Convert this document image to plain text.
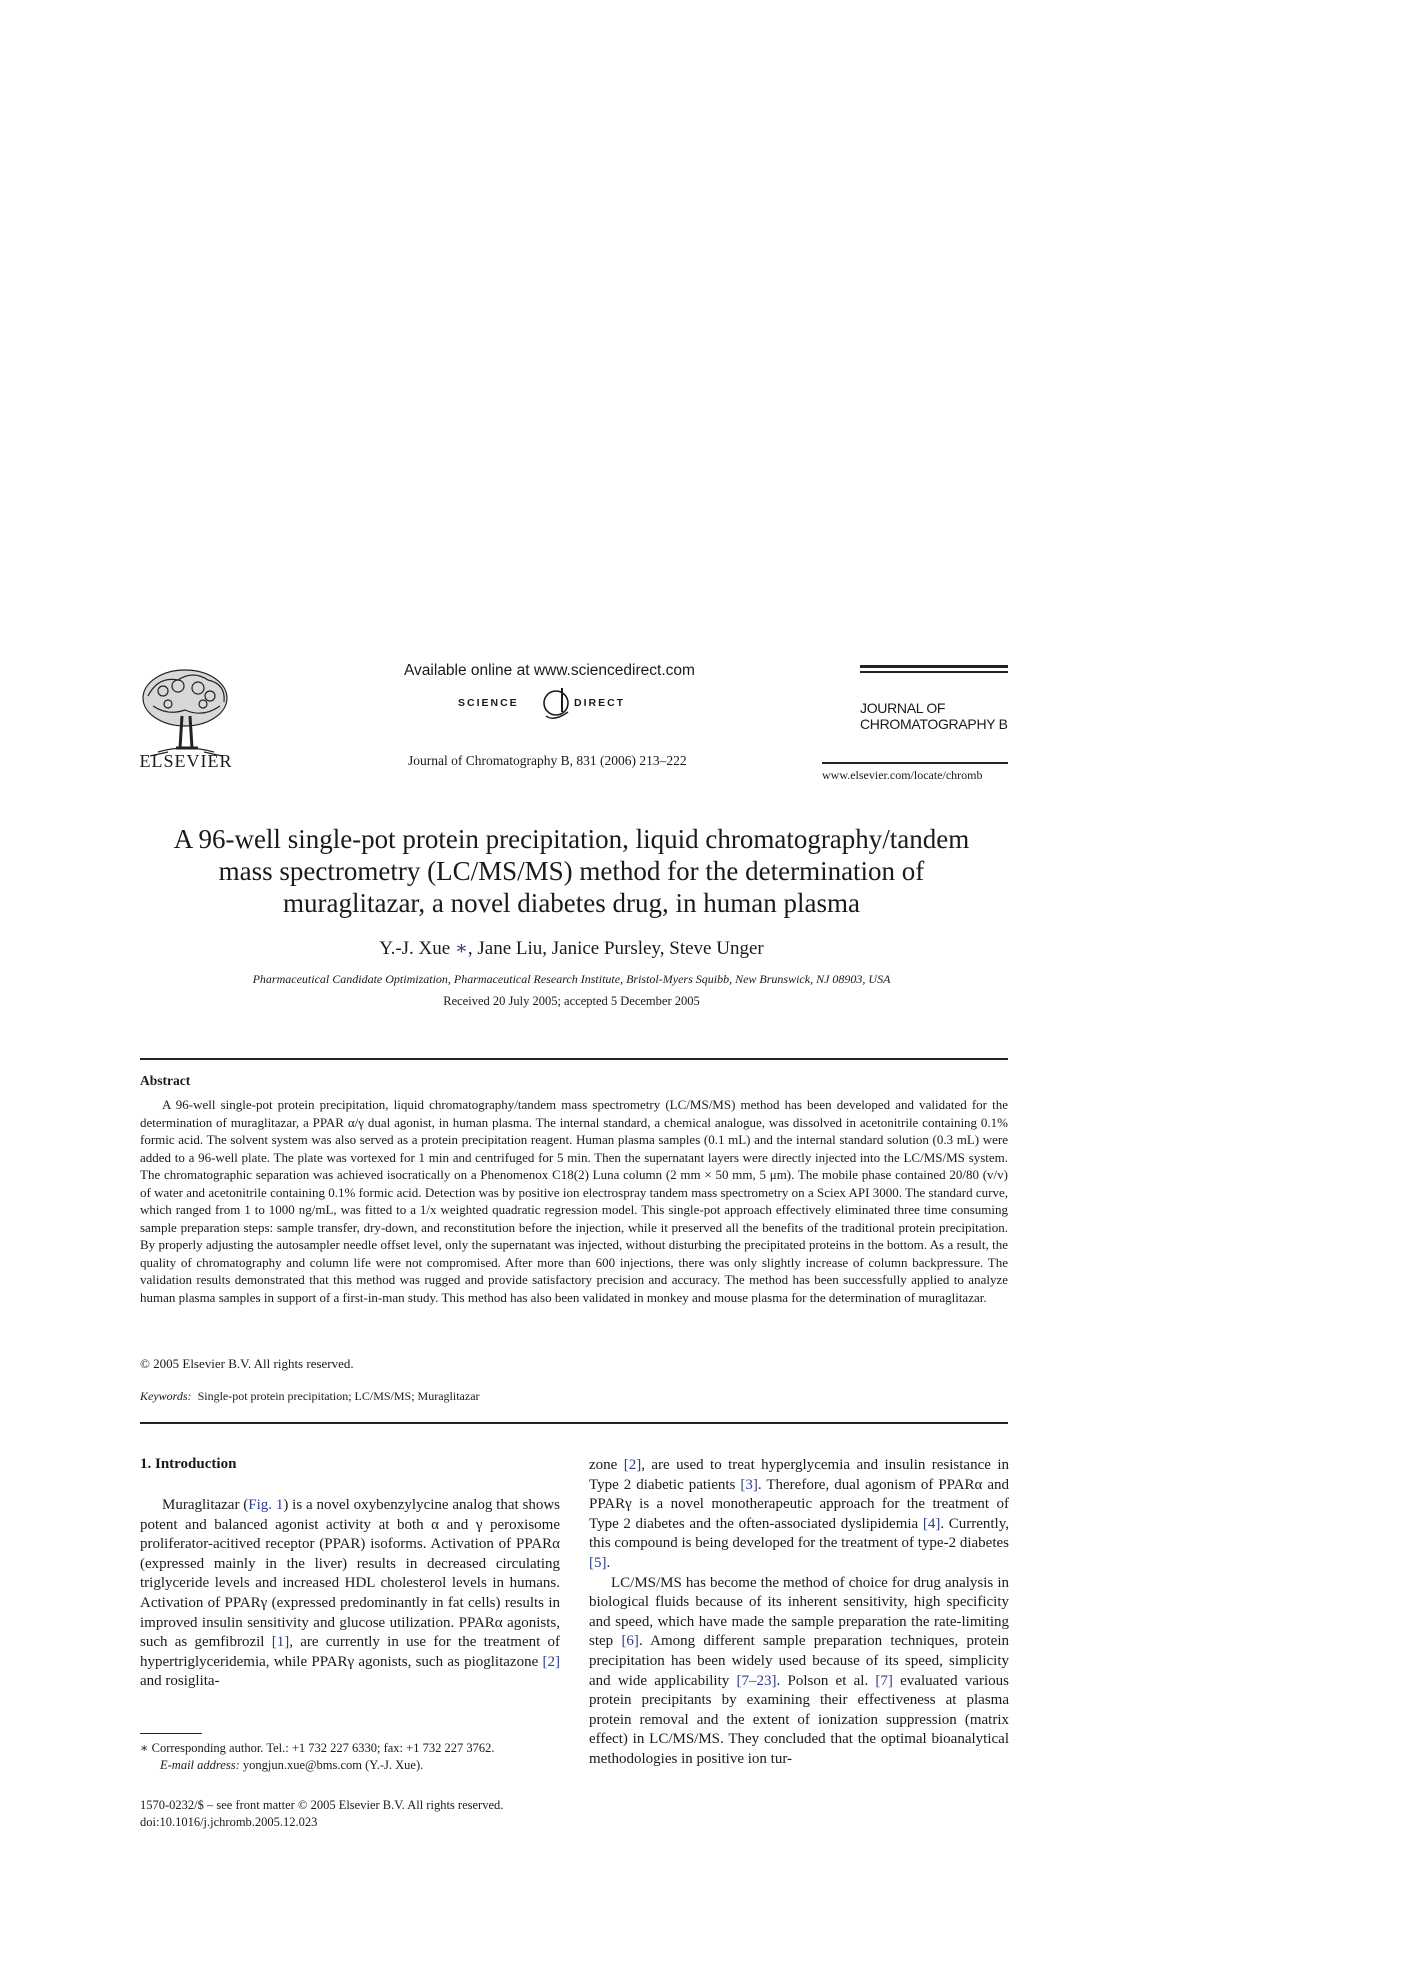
ELSEVIER
Available online at www.sciencedirect.com
SCIENCE	DIRECT
Journal of Chromatography B, 831 (2006) 213–222
JOURNAL OF
CHROMATOGRAPHY B
www.elsevier.com/locate/chromb
A 96-well single-pot protein precipitation, liquid chromatography/tandem
mass spectrometry (LC/MS/MS) method for the determination of
muraglitazar, a novel diabetes drug, in human plasma
Y.-J. Xue ∗, Jane Liu, Janice Pursley, Steve Unger
Pharmaceutical Candidate Optimization, Pharmaceutical Research Institute, Bristol-Myers Squibb, New Brunswick, NJ 08903, USA
Received 20 July 2005; accepted 5 December 2005
Abstract

A 96-well single-pot protein precipitation, liquid chromatography/tandem mass spectrometry (LC/MS/MS) method has been developed and validated for the determination of muraglitazar, a PPAR α/γ dual agonist, in human plasma. The internal standard, a chemical analogue, was dissolved in acetonitrile containing 0.1% formic acid. The solvent system was also served as a protein precipitation reagent. Human plasma samples (0.1 mL) and the internal standard solution (0.3 mL) were added to a 96-well plate. The plate was vortexed for 1 min and centrifuged for 5 min. Then the supernatant layers were directly injected into the LC/MS/MS system. The chromatographic separation was achieved isocratically on a Phenomenox C18(2) Luna column (2 mm × 50 mm, 5 μm). The mobile phase contained 20/80 (v/v) of water and acetonitrile containing 0.1% formic acid. Detection was by positive ion electrospray tandem mass spectrometry on a Sciex API 3000. The standard curve, which ranged from 1 to 1000 ng/mL, was fitted to a 1/x weighted quadratic regression model. This single-pot approach effectively eliminated three time consuming sample preparation steps: sample transfer, dry-down, and reconstitution before the injection, while it preserved all the benefits of the traditional protein precipitation. By properly adjusting the autosampler needle offset level, only the supernatant was injected, without disturbing the precipitated proteins in the bottom. As a result, the quality of chromatography and column life were not compromised. After more than 600 injections, there was only slightly increase of column backpressure. The validation results demonstrated that this method was rugged and provide satisfactory precision and accuracy. The method has been successfully applied to analyze human plasma samples in support of a first-in-man study. This method has also been validated in monkey and mouse plasma for the determination of muraglitazar.

© 2005 Elsevier B.V. All rights reserved.
Keywords: Single-pot protein precipitation; LC/MS/MS; Muraglitazar
1. Introduction

Muraglitazar (Fig. 1) is a novel oxybenzylycine analog that shows potent and balanced agonist activity at both α and γ peroxisome proliferator-acitived receptor (PPAR) isoforms. Activation of PPARα (expressed mainly in the liver) results in decreased circulating triglyceride levels and increased HDL cholesterol levels in humans. Activation of PPARγ (expressed predominantly in fat cells) results in improved insulin sensitivity and glucose utilization. PPARα agonists, such as gemfibrozil [1], are currently in use for the treatment of hypertriglyceridemia, while PPARγ agonists, such as pioglitazone [2] and rosiglita-

zone [2], are used to treat hyperglycemia and insulin resistance in Type 2 diabetic patients [3]. Therefore, dual agonism of PPARα and PPARγ is a novel monotherapeutic approach for the treatment of Type 2 diabetes and the often-associated dyslipidemia [4]. Currently, this compound is being developed for the treatment of type-2 diabetes [5].

LC/MS/MS has become the method of choice for drug analysis in biological fluids because of its inherent sensitivity, high specificity and speed, which have made the sample preparation the rate-limiting step [6]. Among different sample preparation techniques, protein precipitation has been widely used because of its speed, simplicity and wide applicability [7–23]. Polson et al. [7] evaluated various protein precipitants by examining their effectiveness at plasma protein removal and the extent of ionization suppression (matrix effect) in LC/MS/MS. They concluded that the optimal bioanalytical methodologies in positive ion tur-

∗ Corresponding author. Tel.: +1 732 227 6330; fax: +1 732 227 3762.
E-mail address: yongjun.xue@bms.com (Y.-J. Xue).
1570-0232/$ – see front matter © 2005 Elsevier B.V. All rights reserved.
doi:10.1016/j.jchromb.2005.12.023
